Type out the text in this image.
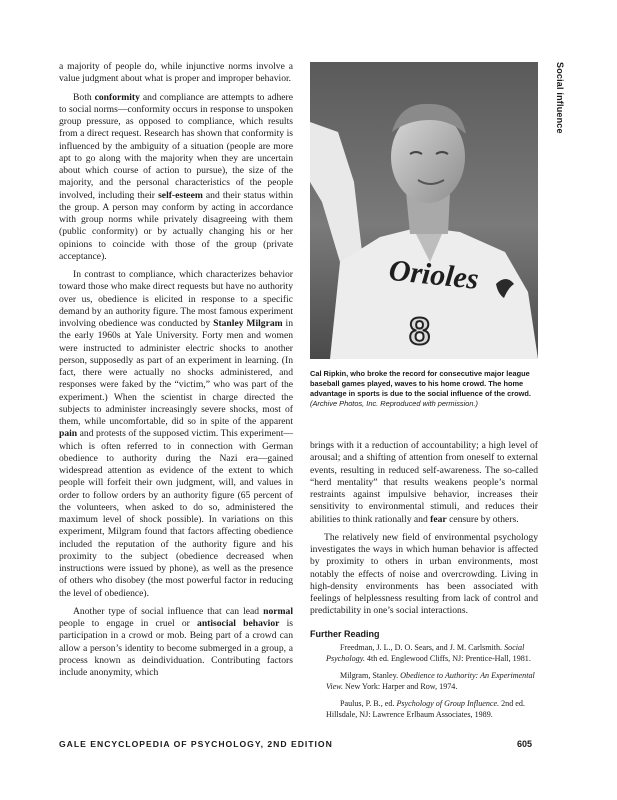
a majority of people do, while injunctive norms involve a value judgment about what is proper and improper behavior.

Both conformity and compliance are attempts to adhere to social norms—conformity occurs in response to unspoken group pressure, as opposed to compliance, which results from a direct request. Research has shown that conformity is influenced by the ambiguity of a situation (people are more apt to go along with the majority when they are uncertain about which course of action to pursue), the size of the majority, and the personal characteristics of the people involved, including their self-esteem and their status within the group. A person may conform by acting in accordance with group norms while privately disagreeing with them (public conformity) or by actually changing his or her opinions to coincide with those of the group (private acceptance).

In contrast to compliance, which characterizes behavior toward those who make direct requests but have no authority over us, obedience is elicited in response to a specific demand by an authority figure. The most famous experiment involving obedience was conducted by Stanley Milgram in the early 1960s at Yale University. Forty men and women were instructed to administer electric shocks to another person, supposedly as part of an experiment in learning. (In fact, there were actually no shocks administered, and responses were faked by the “victim,” who was part of the experiment.) When the scientist in charge directed the subjects to administer increasingly severe shocks, most of them, while uncomfortable, did so in spite of the apparent pain and protests of the supposed victim. This experiment—which is often referred to in connection with German obedience to authority during the Nazi era—gained widespread attention as evidence of the extent to which people will forfeit their own judgment, will, and values in order to follow orders by an authority figure (65 percent of the volunteers, when asked to do so, administered the maximum level of shock possible). In variations on this experiment, Milgram found that factors affecting obedience included the reputation of the authority figure and his proximity to the subject (obedience decreased when instructions were issued by phone), as well as the presence of others who disobey (the most powerful factor in reducing the level of obedience).

Another type of social influence that can lead normal people to engage in cruel or antisocial behavior is participation in a crowd or mob. Being part of a crowd can allow a person’s identity to become submerged in a group, a process known as deindividuation. Contributing factors include anonymity, which

Orioles
8
Cal Ripkin, who broke the record for consecutive major league baseball games played, waves to his home crowd. The home advantage in sports is due to the social influence of the crowd. (Archive Photos, Inc. Reproduced with permission.)

brings with it a reduction of accountability; a high level of arousal; and a shifting of attention from oneself to external events, resulting in reduced self-awareness. The so-called “herd mentality” that results weakens people’s normal restraints against impulsive behavior, increases their sensitivity to environmental stimuli, and reduces their abilities to think rationally and fear censure by others.

The relatively new field of environmental psychology investigates the ways in which human behavior is affected by proximity to others in urban environments, most notably the effects of noise and overcrowding. Living in high-density environments has been associated with feelings of helplessness resulting from lack of control and predictability in one’s social interactions.

Further Reading

Freedman, J. L., D. O. Sears, and J. M. Carlsmith. Social Psychology. 4th ed. Englewood Cliffs, NJ: Prentice-Hall, 1981.

Milgram, Stanley. Obedience to Authority: An Experimental View. New York: Harper and Row, 1974.

Paulus, P. B., ed. Psychology of Group Influence. 2nd ed. Hillsdale, NJ: Lawrence Erlbaum Associates, 1989.

Social influence
GALE ENCYCLOPEDIA OF PSYCHOLOGY, 2ND EDITION	605
